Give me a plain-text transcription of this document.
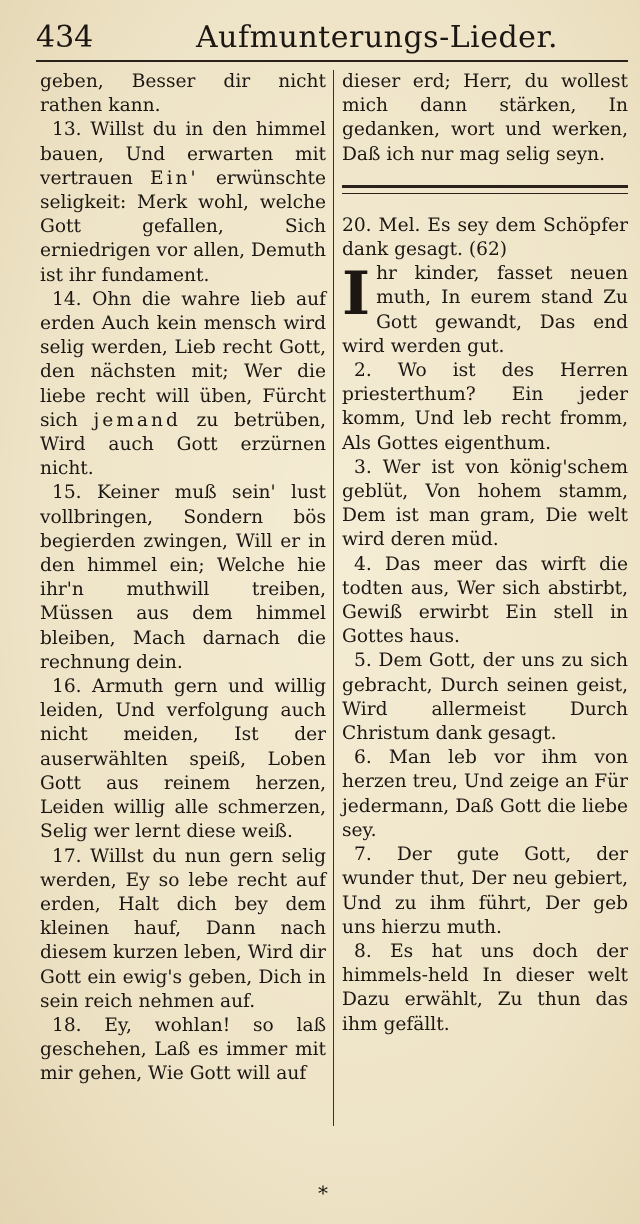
434	Aufmunterungs-Lieder.

geben, Besser dir nicht rathen kann.

13. Willst du in den himmel bauen, Und erwarten mit vertrauen Ein' erwünschte seligkeit: Merk wohl, welche Gott gefallen, Sich erniedrigen vor allen, Demuth ist ihr fundament.

14. Ohn die wahre lieb auf erden Auch kein mensch wird selig werden, Lieb recht Gott, den nächsten mit; Wer die liebe recht will üben, Fürcht sich jemand zu betrüben, Wird auch Gott erzürnen nicht.

15. Keiner muß sein' lust vollbringen, Sondern bös begierden zwingen, Will er in den himmel ein; Welche hie ihr'n muthwill treiben, Müssen aus dem himmel bleiben, Mach darnach die rechnung dein.

16. Armuth gern und willig leiden, Und verfolgung auch nicht meiden, Ist der auserwählten speiß, Loben Gott aus reinem herzen, Leiden willig alle schmerzen, Selig wer lernt diese weiß.

17. Willst du nun gern selig werden, Ey so lebe recht auf erden, Halt dich bey dem kleinen hauf, Dann nach diesem kurzen leben, Wird dir Gott ein ewig's geben, Dich in sein reich nehmen auf.

18. Ey, wohlan! so laß geschehen, Laß es immer mit mir gehen, Wie Gott will auf

dieser erd; Herr, du wollest mich dann stärken, In gedanken, wort und werken, Daß ich nur mag selig seyn.

20. Mel. Es sey dem Schöpfer dank gesagt. (62)

Ihr kinder, fasset neuen muth, In eurem stand Zu Gott gewandt, Das end wird werden gut.

2. Wo ist des Herren priesterthum? Ein jeder komm, Und leb recht fromm, Als Gottes eigenthum.

3. Wer ist von könig'schem geblüt, Von hohem stamm, Dem ist man gram, Die welt wird deren müd.

4. Das meer das wirft die todten aus, Wer sich abstirbt, Gewiß erwirbt Ein stell in Gottes haus.

5. Dem Gott, der uns zu sich gebracht, Durch seinen geist, Wird allermeist Durch Christum dank gesagt.

6. Man leb vor ihm von herzen treu, Und zeige an Für jedermann, Daß Gott die liebe sey.

7. Der gute Gott, der wunder thut, Der neu gebiert, Und zu ihm führt, Der geb uns hierzu muth.

8. Es hat uns doch der himmels-held In dieser welt Dazu erwählt, Zu thun das ihm gefällt.

*
